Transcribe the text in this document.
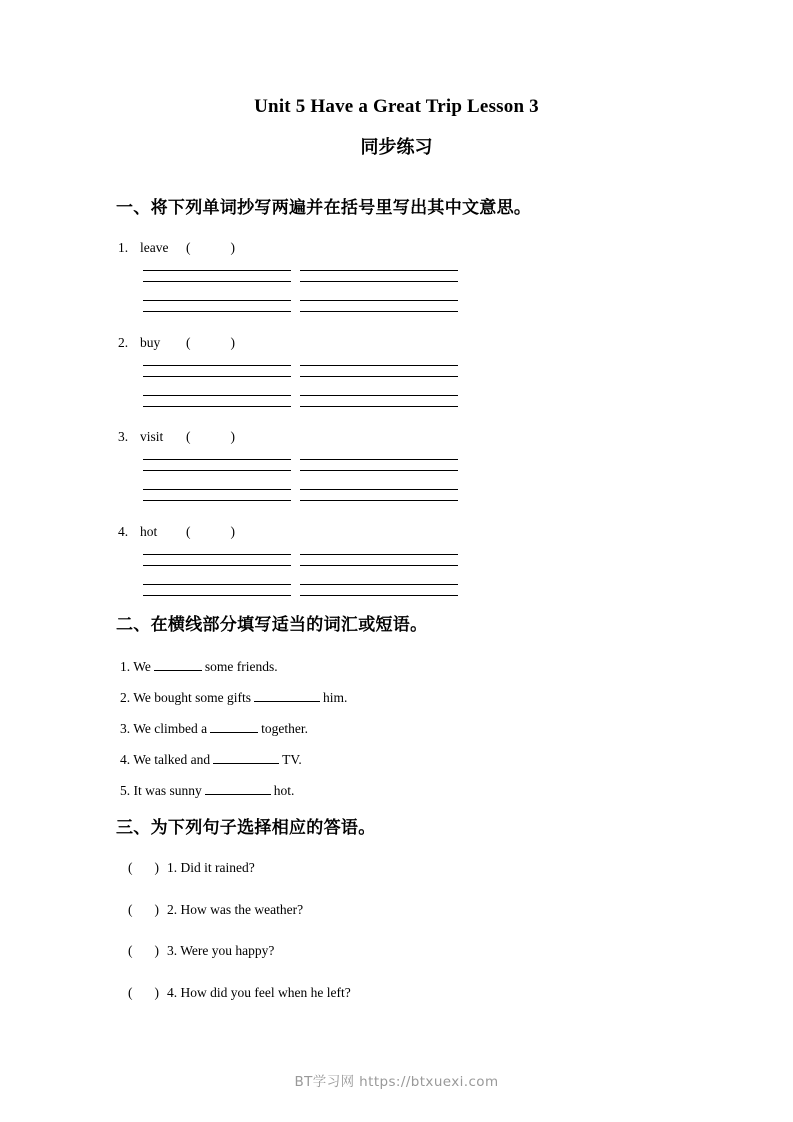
Unit 5 Have a Great Trip Lesson 3
同步练习
一、将下列单词抄写两遍并在括号里写出其中文意思。
1. leave (	)
2. buy (	)
3. visit (	)
4. hot (	)
二、在横线部分填写适当的词汇或短语。
1. We	some friends.
2. We bought some gifts	him.
3. We climbed a	together.
4. We talked and	TV.
5. It was sunny	hot.
三、为下列句子选择相应的答语。
( ) 1. Did it rained?
( ) 2. How was the weather?
( ) 3. Were you happy?
( ) 4. How did you feel when he left?
BT学习网 https://btxuexi.com
